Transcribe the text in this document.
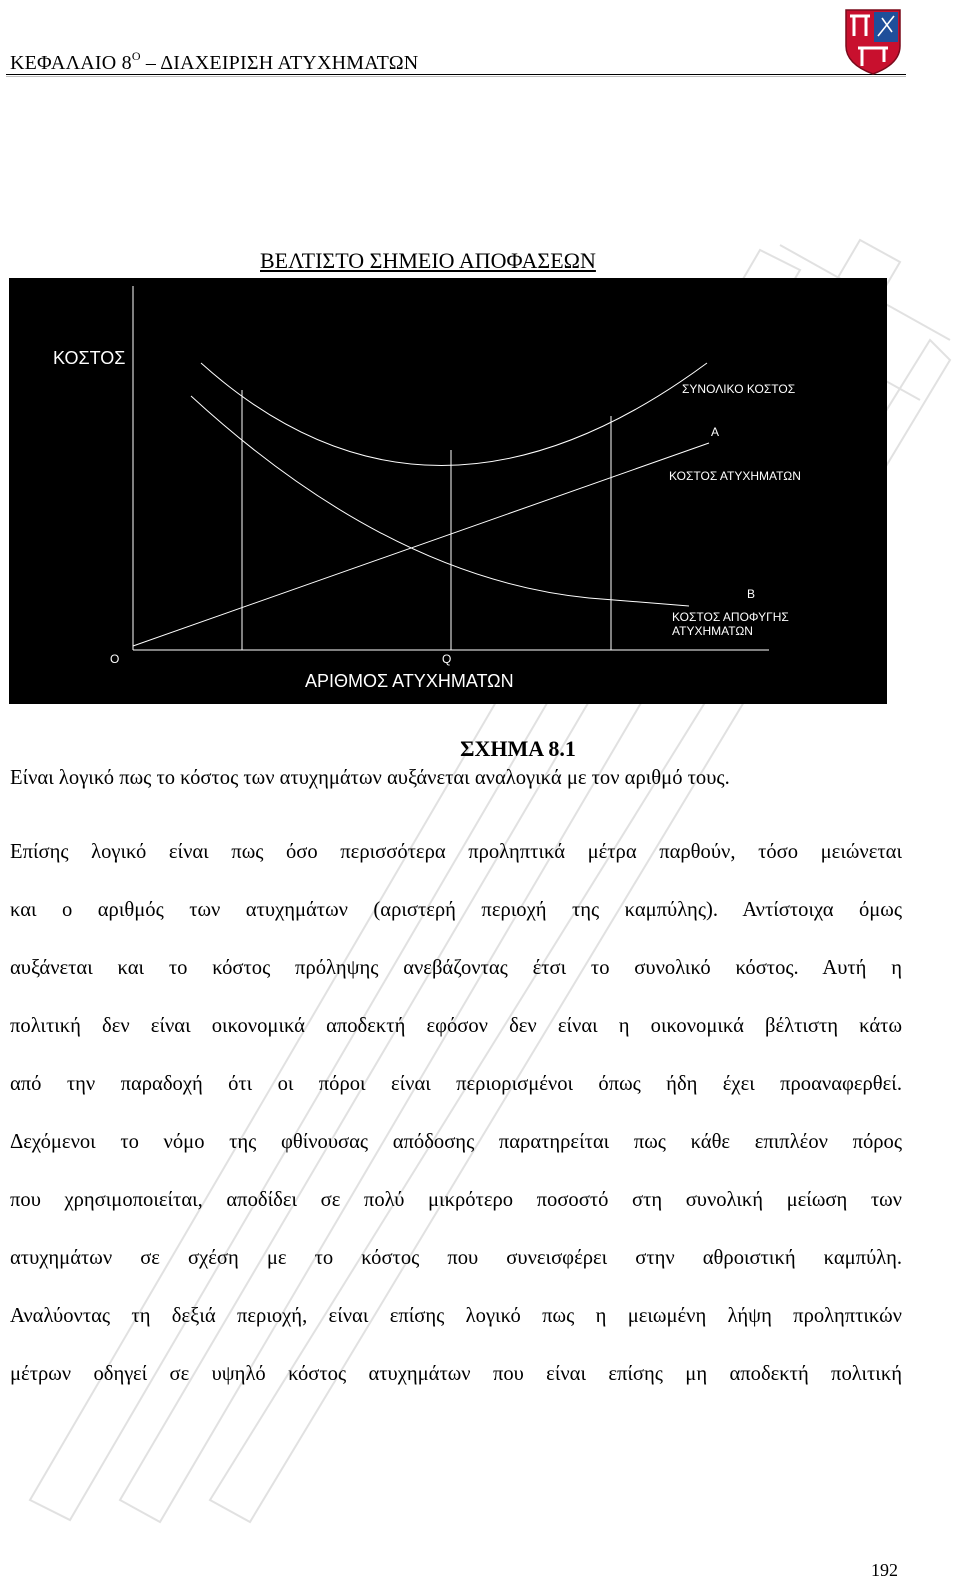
ΚΕΦΑΛΑΙΟ $8^O$ – ΔΙΑΧΕΙΡΙΣΗ ΑΤΥΧΗΜΑΤΩΝ
ΒΕΛΤΙΣΤΟ ΣΗΜΕΙΟ ΑΠΟΦΑΣΕΩΝ
ΚΟΣΤΟΣ
ΣΥΝΟΛΙΚΟ ΚΟΣΤΟΣ
Α
ΚΟΣΤΟΣ ΑΤΥΧΗΜΑΤΩΝ
Β
ΚΟΣΤΟΣ ΑΠΟΦΥΓΗΣ
ΑΤΥΧΗΜΑΤΩΝ
Ο	Q
ΑΡΙΘΜΟΣ ΑΤΥΧΗΜΑΤΩΝ
ΣΧΗΜΑ 8.1
Είναι λογικό πως το κόστος των ατυχημάτων αυξάνεται αναλογικά με τον αριθμό τους.
Επίσης λογικό είναι πως όσο περισσότερα προληπτικά μέτρα παρθούν, τόσο μειώνεται
και ο αριθμός των ατυχημάτων (αριστερή περιοχή της καμπύλης). Αντίστοιχα όμως
αυξάνεται και το κόστος πρόληψης ανεβάζοντας έτσι το συνολικό κόστος. Αυτή η
πολιτική δεν είναι οικονομικά αποδεκτή εφόσον δεν είναι η οικονομικά βέλτιστη κάτω
από την παραδοχή ότι οι πόροι είναι περιορισμένοι όπως ήδη έχει προαναφερθεί.
Δεχόμενοι το νόμο της φθίνουσας απόδοσης παρατηρείται πως κάθε επιπλέον πόρος
που χρησιμοποιείται, αποδίδει σε πολύ μικρότερο ποσοστό στη συνολική μείωση των
ατυχημάτων σε σχέση με το κόστος που συνεισφέρει στην αθροιστική καμπύλη.
Αναλύοντας τη δεξιά περιοχή, είναι επίσης λογικό πως η μειωμένη λήψη προληπτικών
μέτρων οδηγεί σε υψηλό κόστος ατυχημάτων που είναι επίσης μη αποδεκτή πολιτική
192
